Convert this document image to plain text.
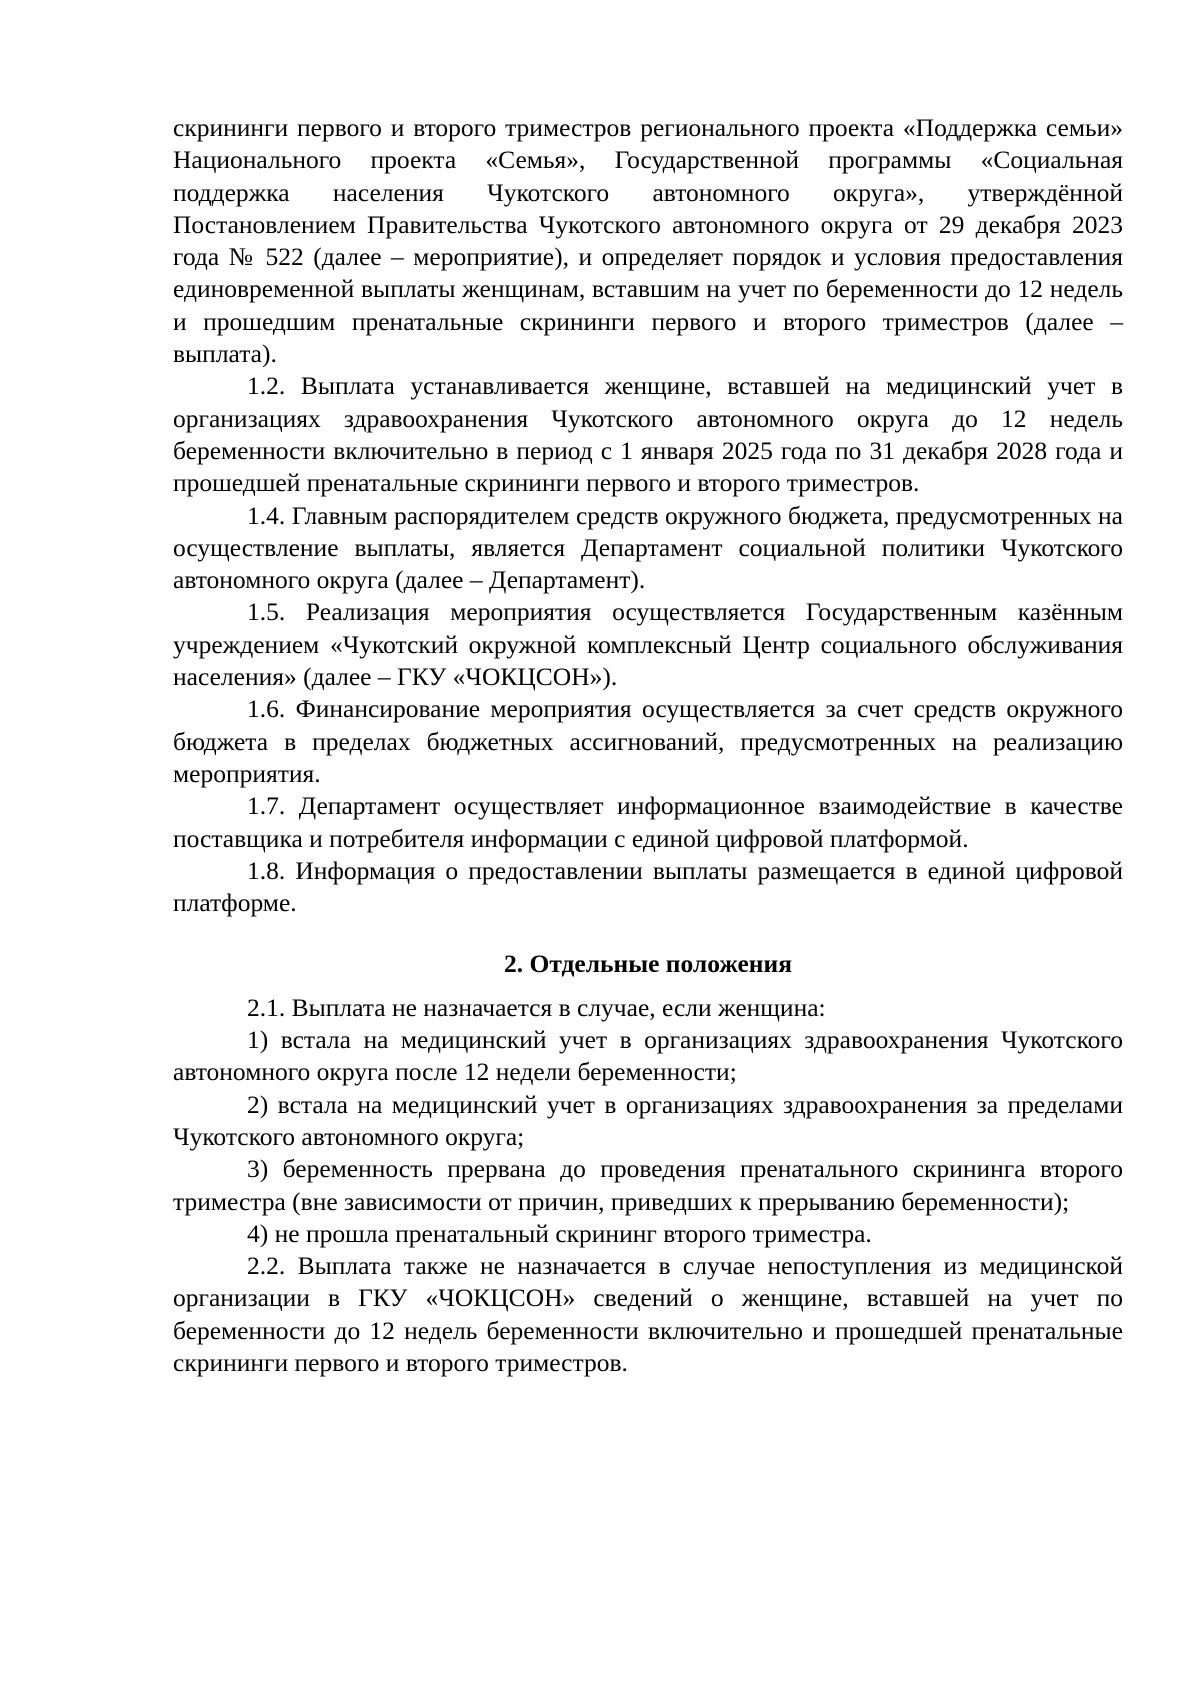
скрининги первого и второго триместров регионального проекта «Поддержка семьи» Национального проекта «Семья», Государственной программы «Социальная поддержка населения Чукотского автономного округа», утверждённой Постановлением Правительства Чукотского автономного округа от 29 декабря 2023 года № 522 (далее – мероприятие), и определяет порядок и условия предоставления единовременной выплаты женщинам, вставшим на учет по беременности до 12 недель и прошедшим пренатальные скрининги первого и второго триместров (далее – выплата).

1.2. Выплата устанавливается женщине, вставшей на медицинский учет в организациях здравоохранения Чукотского автономного округа до 12 недель беременности включительно в период с 1 января 2025 года по 31 декабря 2028 года и прошедшей пренатальные скрининги первого и второго триместров.

1.4. Главным распорядителем средств окружного бюджета, предусмотренных на осуществление выплаты, является Департамент социальной политики Чукотского автономного округа (далее – Департамент).

1.5. Реализация мероприятия осуществляется Государственным казённым учреждением «Чукотский окружной комплексный Центр социального обслуживания населения» (далее – ГКУ «ЧОКЦСОН»).

1.6. Финансирование мероприятия осуществляется за счет средств окружного бюджета в пределах бюджетных ассигнований, предусмотренных на реализацию мероприятия.

1.7. Департамент осуществляет информационное взаимодействие в качестве поставщика и потребителя информации с единой цифровой платформой.

1.8. Информация о предоставлении выплаты размещается в единой цифровой платформе.

2. Отдельные положения

2.1. Выплата не назначается в случае, если женщина:

1) встала на медицинский учет в организациях здравоохранения Чукотского автономного округа после 12 недели беременности;

2) встала на медицинский учет в организациях здравоохранения за пределами Чукотского автономного округа;

3) беременность прервана до проведения пренатального скрининга второго триместра (вне зависимости от причин, приведших к прерыванию беременности);

4) не прошла пренатальный скрининг второго триместра.

2.2. Выплата также не назначается в случае непоступления из медицинской организации в ГКУ «ЧОКЦСОН» сведений о женщине, вставшей на учет по беременности до 12 недель беременности включительно и прошедшей пренатальные скрининги первого и второго триместров.
